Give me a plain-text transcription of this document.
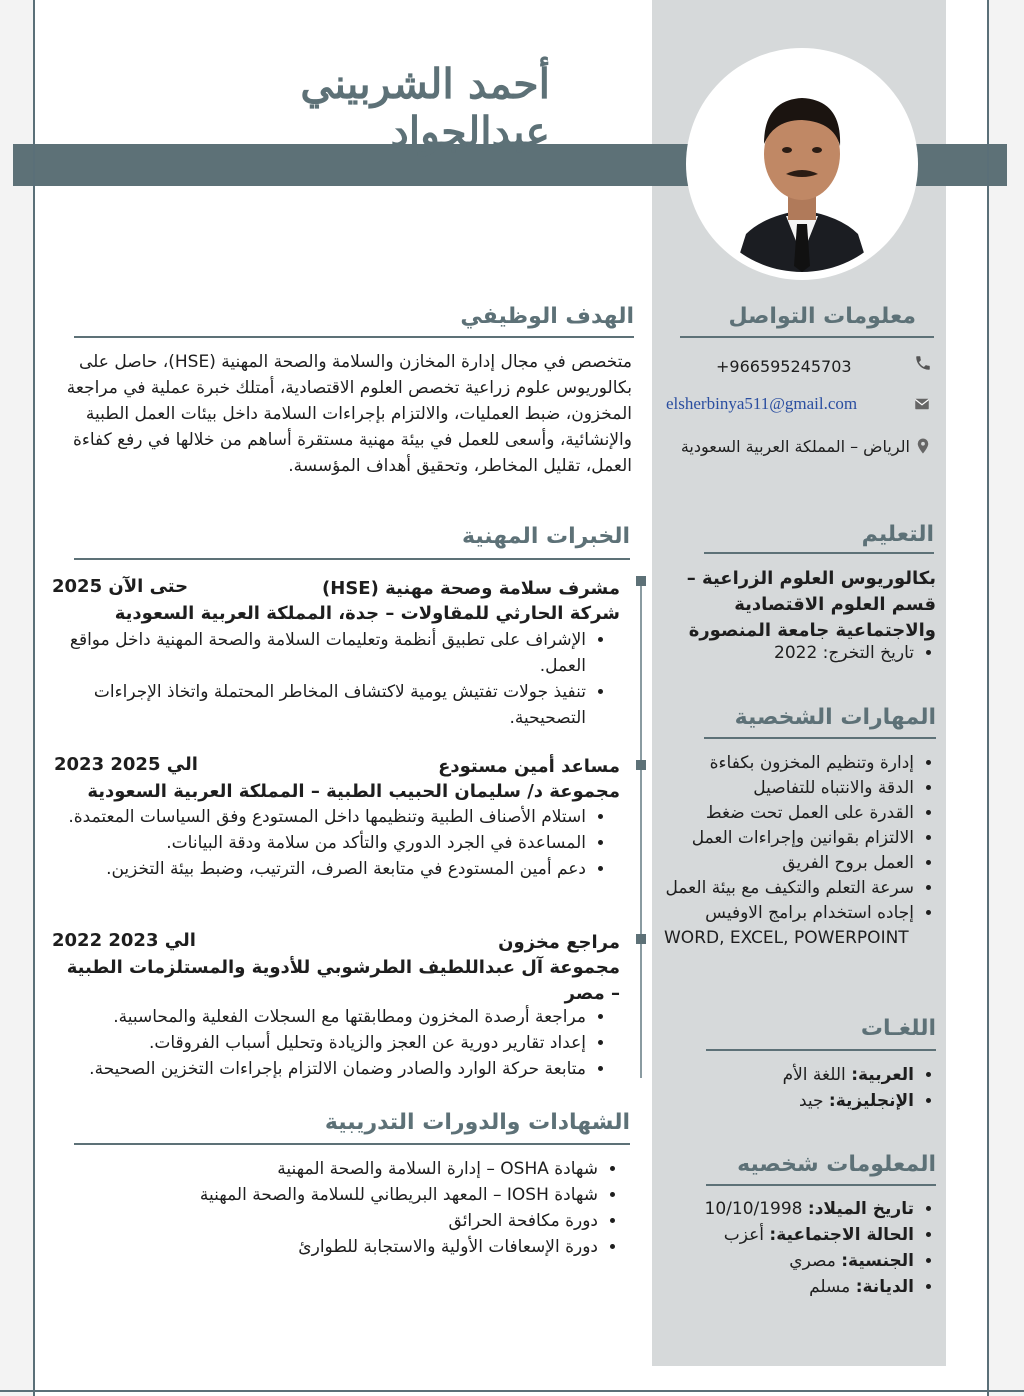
أحمد الشربيني عبدالجواد
معلومات التواصل
+966595245703
elsherbinya511@gmail.com
الرياض – المملكة العربية السعودية
التعليم
بكالوريوس العلوم الزراعية – قسم العلوم الاقتصادية والاجتماعية جامعة المنصورة
• تاريخ التخرج: 2022
المهارات الشخصية
• إدارة وتنظيم المخزون بكفاءة
• الدقة والانتباه للتفاصيل
• القدرة على العمل تحت ضغط
• الالتزام بقوانين وإجراءات العمل
• العمل بروح الفريق
• سرعة التعلم والتكيف مع بيئة العمل
• إجاده استخدام برامج الاوفيس
WORD, EXCEL, POWERPOINT
اللغـات
• العربية: اللغة الأم
• الإنجليزية: جيد
المعلومات شخصيه
• تاريخ الميلاد: 10/10/1998
• الحالة الاجتماعية: أعزب
• الجنسية: مصري
• الديانة: مسلم
الهدف الوظيفي
متخصص في مجال إدارة المخازن والسلامة والصحة المهنية (HSE)، حاصل على بكالوريوس علوم زراعية تخصص العلوم الاقتصادية، أمتلك خبرة عملية في مراجعة المخزون، ضبط العمليات، والالتزام بإجراءات السلامة داخل بيئات العمل الطبية والإنشائية، وأسعى للعمل في بيئة مهنية مستقرة أساهم من خلالها في رفع كفاءة العمل، تقليل المخاطر، وتحقيق أهداف المؤسسة.
الخبرات المهنية
مشرف سلامة وصحة مهنية (HSE)
2025 حتى الآن
شركة الحارثي للمقاولات – جدة، المملكة العربية السعودية
• الإشراف على تطبيق أنظمة وتعليمات السلامة والصحة المهنية داخل مواقع العمل.
• تنفيذ جولات تفتيش يومية لاكتشاف المخاطر المحتملة واتخاذ الإجراءات التصحيحية.
مساعد أمين مستودع
2023 الي 2025
مجموعة د/ سليمان الحبيب الطبية – المملكة العربية السعودية
• استلام الأصناف الطبية وتنظيمها داخل المستودع وفق السياسات المعتمدة.
• المساعدة في الجرد الدوري والتأكد من سلامة ودقة البيانات.
• دعم أمين المستودع في متابعة الصرف، الترتيب، وضبط بيئة التخزين.
مراجع مخزون
2022 الي 2023
مجموعة آل عبداللطيف الطرشوبي للأدوية والمستلزمات الطبية – مصر
• مراجعة أرصدة المخزون ومطابقتها مع السجلات الفعلية والمحاسبية.
• إعداد تقارير دورية عن العجز والزيادة وتحليل أسباب الفروقات.
• متابعة حركة الوارد والصادر وضمان الالتزام بإجراءات التخزين الصحيحة.
الشهادات والدورات التدريبية
• شهادة OSHA – إدارة السلامة والصحة المهنية
• شهادة IOSH – المعهد البريطاني للسلامة والصحة المهنية
• دورة مكافحة الحرائق
• دورة الإسعافات الأولية والاستجابة للطوارئ
